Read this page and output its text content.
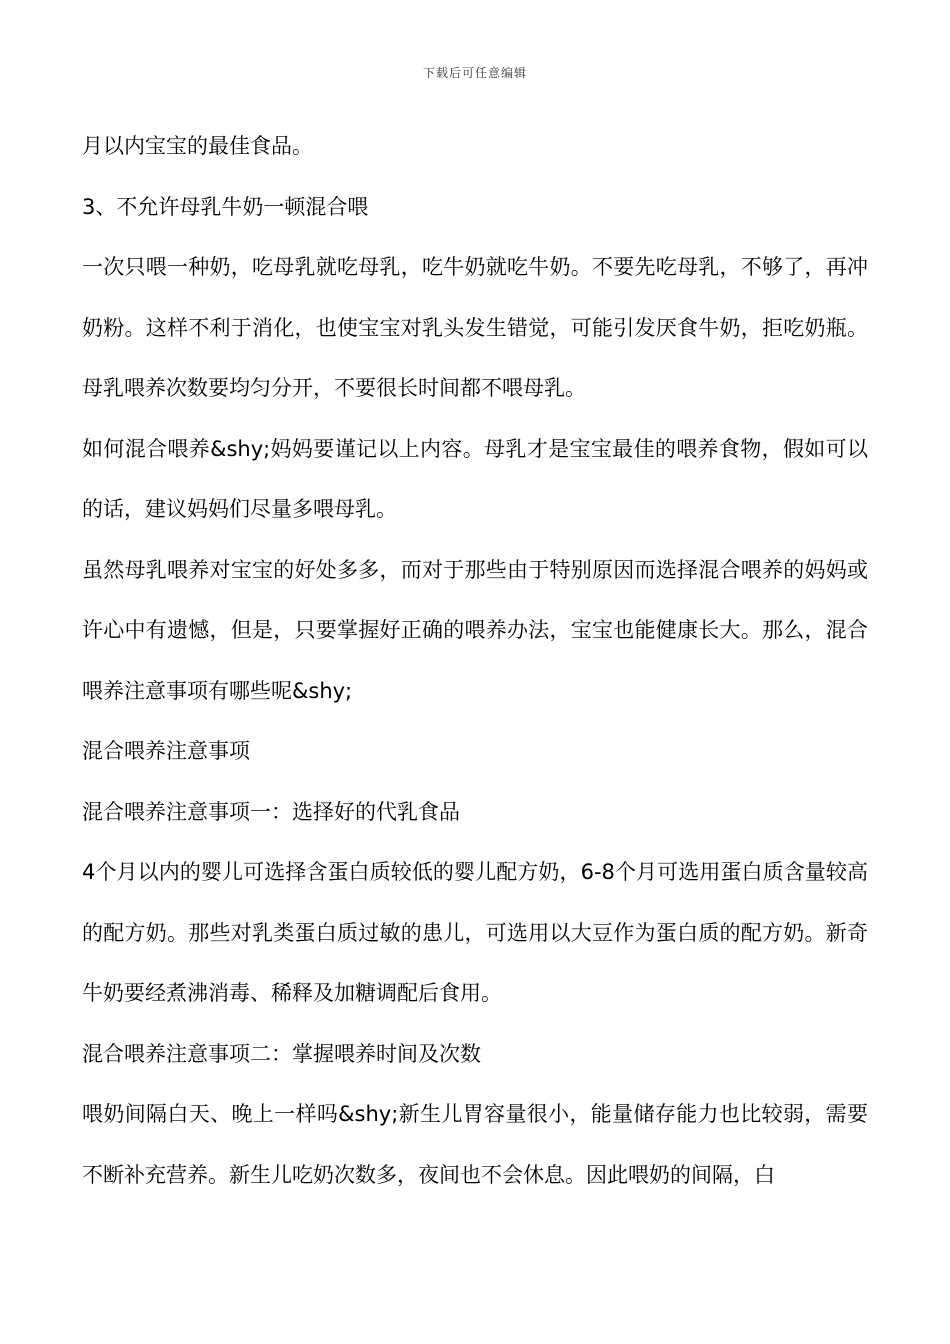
下载后可任意编辑

月以内宝宝的最佳食品。

3、不允许母乳牛奶一顿混合喂

一次只喂一种奶，吃母乳就吃母乳，吃牛奶就吃牛奶。不要先吃母乳，不够了，再冲奶粉。这样不利于消化，也使宝宝对乳头发生错觉，可能引发厌食牛奶，拒吃奶瓶。母乳喂养次数要均匀分开，不要很长时间都不喂母乳。

如何混合喂养&shy;妈妈要谨记以上内容。母乳才是宝宝最佳的喂养食物，假如可以的话，建议妈妈们尽量多喂母乳。

虽然母乳喂养对宝宝的好处多多，而对于那些由于特别原因而选择混合喂养的妈妈或许心中有遗憾，但是，只要掌握好正确的喂养办法，宝宝也能健康长大。那么，混合喂养注意事项有哪些呢&shy;

混合喂养注意事项

混合喂养注意事项一：选择好的代乳食品

4个月以内的婴儿可选择含蛋白质较低的婴儿配方奶，6-8个月可选用蛋白质含量较高的配方奶。那些对乳类蛋白质过敏的患儿，可选用以大豆作为蛋白质的配方奶。新奇牛奶要经煮沸消毒、稀释及加糖调配后食用。

混合喂养注意事项二：掌握喂养时间及次数

喂奶间隔白天、晚上一样吗&shy;新生儿胃容量很小，能量储存能力也比较弱，需要不断补充营养。新生儿吃奶次数多，夜间也不会休息。因此喂奶的间隔，白
